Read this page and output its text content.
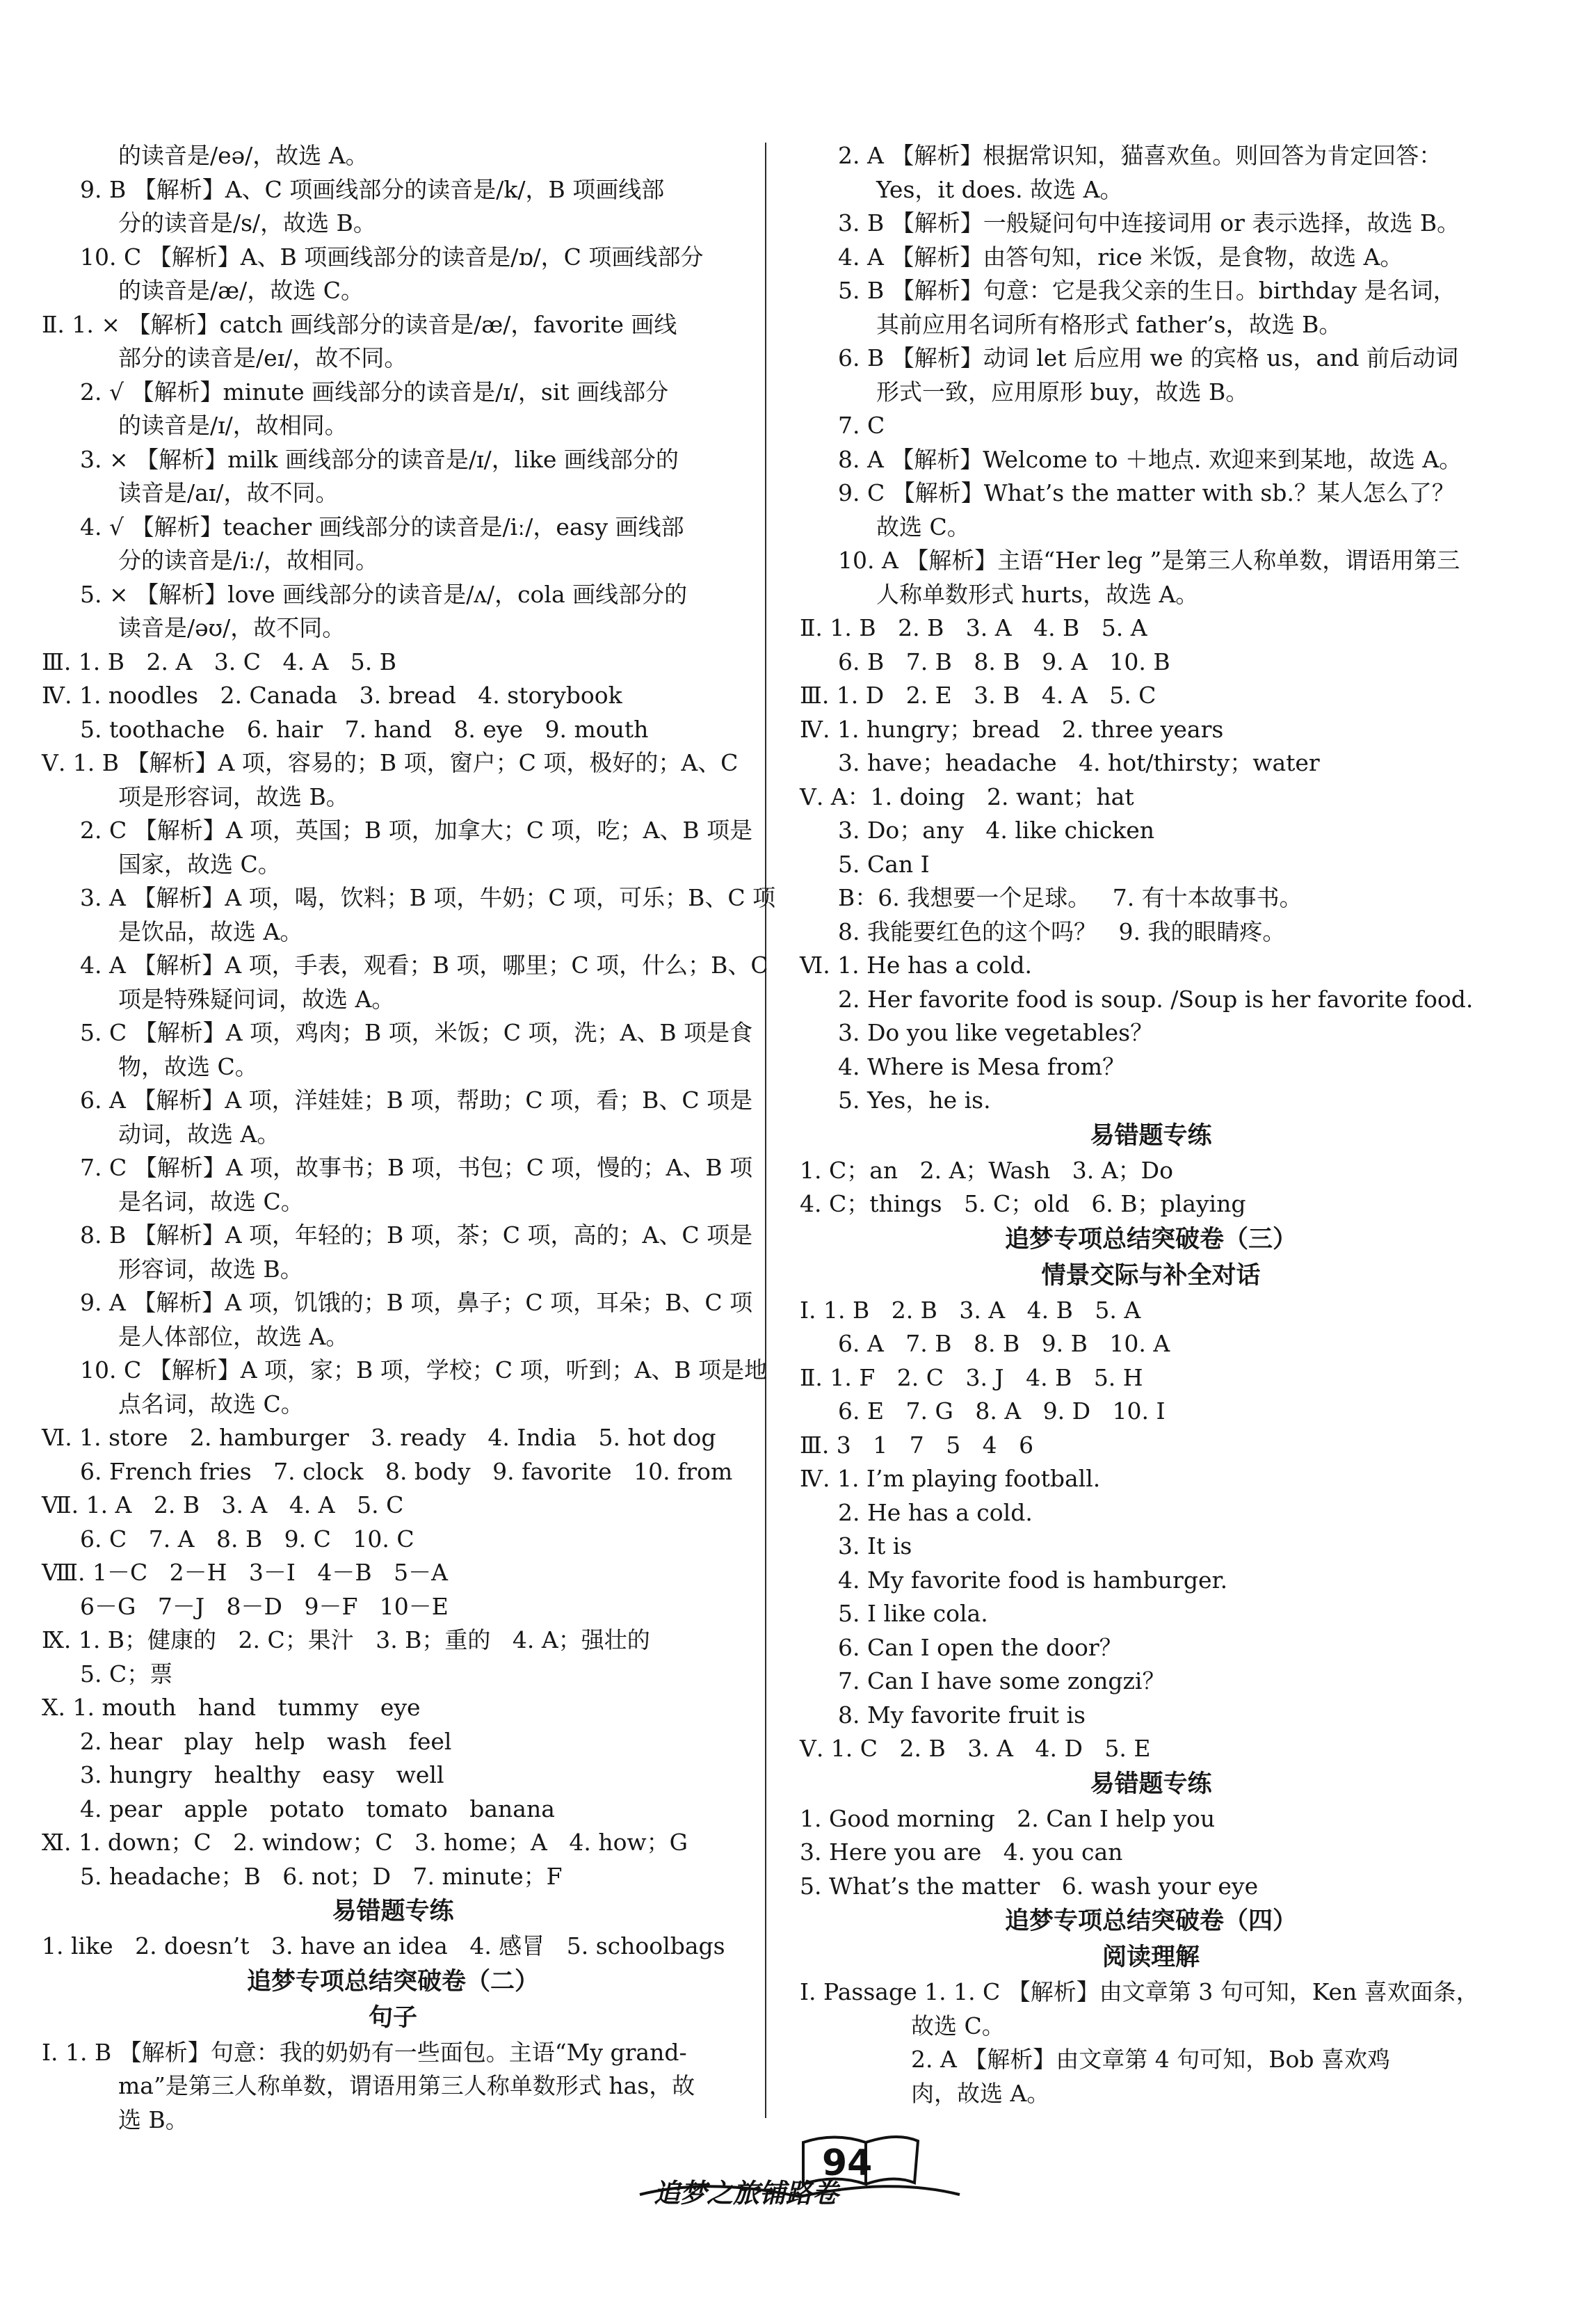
的读音是/eə/，故选 A。
9. B 【解析】A、C 项画线部分的读音是/k/，B 项画线部
分的读音是/s/，故选 B。
10. C 【解析】A、B 项画线部分的读音是/ɒ/，C 项画线部分
的读音是/æ/，故选 C。
Ⅱ. 1. × 【解析】catch 画线部分的读音是/æ/，favorite 画线
部分的读音是/eɪ/，故不同。
2. √ 【解析】minute 画线部分的读音是/ɪ/，sit 画线部分
的读音是/ɪ/，故相同。
3. × 【解析】milk 画线部分的读音是/ɪ/，like 画线部分的
读音是/aɪ/，故不同。
4. √ 【解析】teacher 画线部分的读音是/iː/，easy 画线部
分的读音是/iː/，故相同。
5. × 【解析】love 画线部分的读音是/ʌ/，cola 画线部分的
读音是/əʊ/，故不同。
Ⅲ. 1. B   2. A   3. C   4. A   5. B
Ⅳ. 1. noodles   2. Canada   3. bread   4. storybook
5. toothache   6. hair   7. hand   8. eye   9. mouth
Ⅴ. 1. B 【解析】A 项，容易的；B 项，窗户；C 项，极好的；A、C
项是形容词，故选 B。
2. C 【解析】A 项，英国；B 项，加拿大；C 项，吃；A、B 项是
国家，故选 C。
3. A 【解析】A 项，喝，饮料；B 项，牛奶；C 项，可乐；B、C 项
是饮品，故选 A。
4. A 【解析】A 项，手表，观看；B 项，哪里；C 项，什么；B、C
项是特殊疑问词，故选 A。
5. C 【解析】A 项，鸡肉；B 项，米饭；C 项，洗；A、B 项是食
物，故选 C。
6. A 【解析】A 项，洋娃娃；B 项，帮助；C 项，看；B、C 项是
动词，故选 A。
7. C 【解析】A 项，故事书；B 项，书包；C 项，慢的；A、B 项
是名词，故选 C。
8. B 【解析】A 项，年轻的；B 项，茶；C 项，高的；A、C 项是
形容词，故选 B。
9. A 【解析】A 项，饥饿的；B 项，鼻子；C 项，耳朵；B、C 项
是人体部位，故选 A。
10. C 【解析】A 项，家；B 项，学校；C 项，听到；A、B 项是地
点名词，故选 C。
Ⅵ. 1. store   2. hamburger   3. ready   4. India   5. hot dog
6. French fries   7. clock   8. body   9. favorite   10. from
Ⅶ. 1. A   2. B   3. A   4. A   5. C
6. C   7. A   8. B   9. C   10. C
Ⅷ. 1－C   2－H   3－I   4－B   5－A
6－G   7－J   8－D   9－F   10－E
Ⅸ. 1. B；健康的   2. C；果汁   3. B；重的   4. A；强壮的
5. C；票
Ⅹ. 1. mouth   hand   tummy   eye
2. hear   play   help   wash   feel
3. hungry   healthy   easy   well
4. pear   apple   potato   tomato   banana
Ⅺ. 1. down；C   2. window；C   3. home；A   4. how；G
5. headache；B   6. not；D   7. minute；F
易错题专练
1. like   2. doesn’t   3. have an idea   4. 感冒   5. schoolbags
追梦专项总结突破卷（二）
句子
Ⅰ. 1. B 【解析】句意：我的奶奶有一些面包。主语“My grand-
ma”是第三人称单数，谓语用第三人称单数形式 has，故
选 B。
2. A 【解析】根据常识知，猫喜欢鱼。则回答为肯定回答：
Yes，it does. 故选 A。
3. B 【解析】一般疑问句中连接词用 or 表示选择，故选 B。
4. A 【解析】由答句知，rice 米饭，是食物，故选 A。
5. B 【解析】句意：它是我父亲的生日。birthday 是名词，
其前应用名词所有格形式 father’s，故选 B。
6. B 【解析】动词 let 后应用 we 的宾格 us，and 前后动词
形式一致，应用原形 buy，故选 B。
7. C
8. A 【解析】Welcome to ＋地点. 欢迎来到某地，故选 A。
9. C 【解析】What’s the matter with sb.？某人怎么了？
故选 C。
10. A 【解析】主语“Her leg ”是第三人称单数，谓语用第三
人称单数形式 hurts，故选 A。
Ⅱ. 1. B   2. B   3. A   4. B   5. A
6. B   7. B   8. B   9. A   10. B
Ⅲ. 1. D   2. E   3. B   4. A   5. C
Ⅳ. 1. hungry；bread   2. three years
3. have；headache   4. hot/thirsty；water
Ⅴ. A：1. doing   2. want；hat
3. Do；any   4. like chicken
5. Can I
B：6. 我想要一个足球。   7. 有十本故事书。
8. 我能要红色的这个吗？   9. 我的眼睛疼。
Ⅵ. 1. He has a cold.
2. Her favorite food is soup. /Soup is her favorite food.
3. Do you like vegetables？
4. Where is Mesa from？
5. Yes，he is.
易错题专练
1. C；an   2. A；Wash   3. A；Do
4. C；things   5. C；old   6. B；playing
追梦专项总结突破卷（三）
情景交际与补全对话
Ⅰ. 1. B   2. B   3. A   4. B   5. A
6. A   7. B   8. B   9. B   10. A
Ⅱ. 1. F   2. C   3. J   4. B   5. H
6. E   7. G   8. A   9. D   10. I
Ⅲ. 3   1   7   5   4   6
Ⅳ. 1. I’m playing football.
2. He has a cold.
3. It is
4. My favorite food is hamburger.
5. I like cola.
6. Can I open the door？
7. Can I have some zongzi？
8. My favorite fruit is
Ⅴ. 1. C   2. B   3. A   4. D   5. E
易错题专练
1. Good morning   2. Can I help you
3. Here you are   4. you can
5. What’s the matter   6. wash your eye
追梦专项总结突破卷（四）
阅读理解
Ⅰ. Passage 1. 1. C 【解析】由文章第 3 句可知，Ken 喜欢面条，
故选 C。
2. A 【解析】由文章第 4 句可知，Bob 喜欢鸡
肉，故选 A。
追梦之旅铺路卷
94
